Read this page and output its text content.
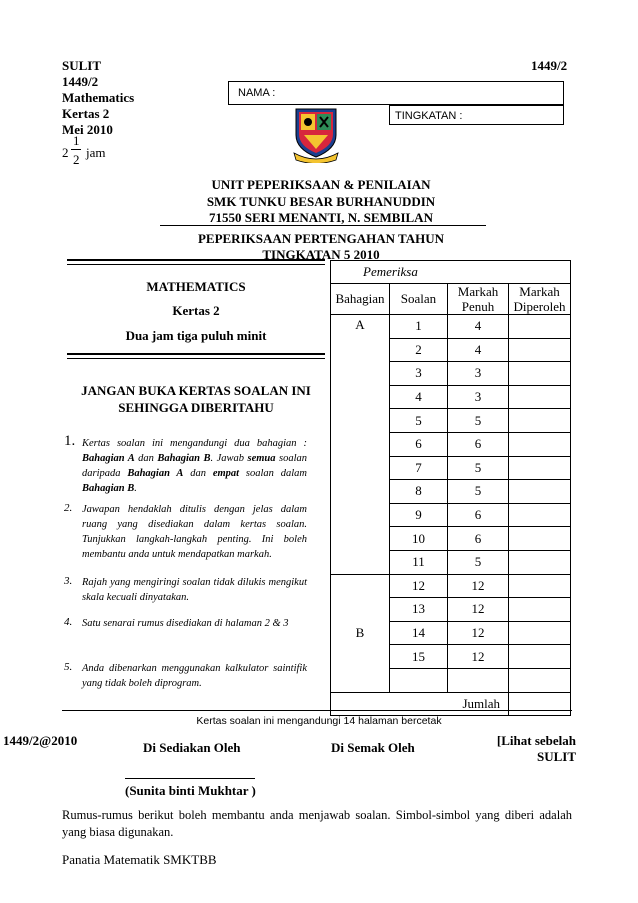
SULIT
1449/2
Mathematics
Kertas 2
Mei 2010
2
1
2 jam
1449/2
NAMA :
TINGKATAN :
UNIT PEPERIKSAAN & PENILAIAN
SMK TUNKU BESAR BURHANUDDIN
71550 SERI MENANTI, N. SEMBILAN
PEPERIKSAAN PERTENGAHAN TAHUN
TINGKATAN 5 2010
MATHEMATICS
Kertas 2
Dua jam tiga puluh minit
JANGAN BUKA KERTAS SOALAN INI
SEHINGGA DIBERITAHU
1. Kertas soalan ini mengandungi dua bahagian : Bahagian A dan Bahagian B. Jawab semua soalan daripada Bahagian A dan empat soalan dalam Bahagian B.
2. Jawapan hendaklah ditulis dengan jelas dalam ruang yang disediakan dalam kertas soalan. Tunjukkan langkah-langkah penting. Ini boleh membantu anda untuk mendapatkan markah.
3. Rajah yang mengiringi soalan tidak dilukis mengikut skala kecuali dinyatakan.
4. Satu senarai rumus disediakan di halaman 2 & 3
5. Anda dibenarkan menggunakan kalkulator saintifik yang tidak boleh diprogram.
Pemeriksa			
Bahagian	Soalan	Markah Penuh	Markah Diperoleh
A	1	4	
	2	4	
	3	3	
	4	3	
	5	5	
	6	6	
	7	5	
	8	5	
	9	6	
	10	6	
	11	5	
B	12	12	
	13	12	
	14	12	
	15	12	

Jumlah			
Kertas soalan ini mengandungi 14 halaman bercetak
1449/2@2010	Di Sediakan Oleh	Di Semak Oleh	[Lihat sebelah
SULIT
(Sunita binti Mukhtar )
Rumus-rumus berikut boleh membantu anda menjawab soalan. Simbol-simbol yang diberi adalah yang biasa digunakan.
Panatia Matematik SMKTBB
